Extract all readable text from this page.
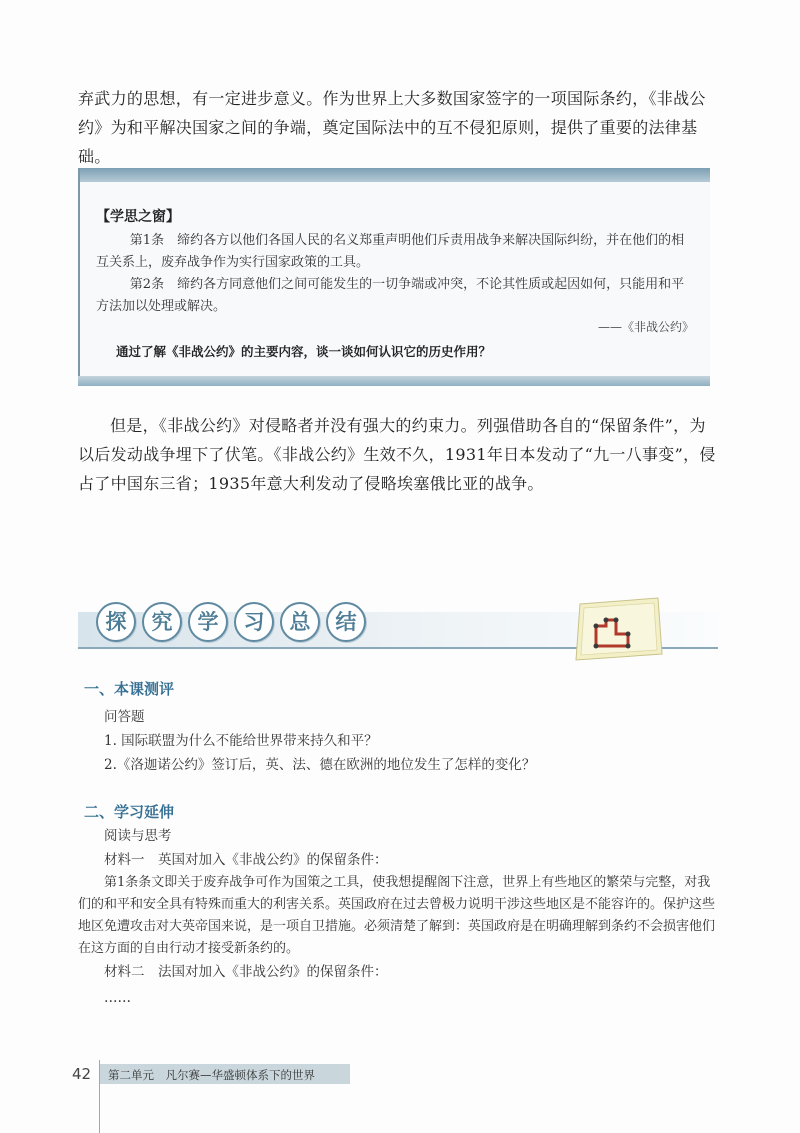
弃武力的思想，有一定进步意义。作为世界上大多数国家签字的一项国际条约，《非战公约》为和平解决国家之间的争端，奠定国际法中的互不侵犯原则，提供了重要的法律基础。
【学思之窗】
第1条　缔约各方以他们各国人民的名义郑重声明他们斥责用战争来解决国际纠纷，并在他们的相互关系上，废弃战争作为实行国家政策的工具。
第2条　缔约各方同意他们之间可能发生的一切争端或冲突，不论其性质或起因如何，只能用和平方法加以处理或解决。
——《非战公约》
通过了解《非战公约》的主要内容，谈一谈如何认识它的历史作用？
但是，《非战公约》对侵略者并没有强大的约束力。列强借助各自的“保留条件”，为以后发动战争埋下了伏笔。《非战公约》生效不久，1931年日本发动了“九一八事变”，侵占了中国东三省；1935年意大利发动了侵略埃塞俄比亚的战争。
探	究	学	习	总	结
一、本课测评
问答题
1. 国际联盟为什么不能给世界带来持久和平？
2.《洛迦诺公约》签订后，英、法、德在欧洲的地位发生了怎样的变化？
二、学习延伸
阅读与思考
材料一　英国对加入《非战公约》的保留条件：
第1条条文即关于废弃战争可作为国策之工具，使我想提醒阁下注意，世界上有些地区的繁荣与完整，对我们的和平和安全具有特殊而重大的利害关系。英国政府在过去曾极力说明干涉这些地区是不能容许的。保护这些地区免遭攻击对大英帝国来说，是一项自卫措施。必须清楚了解到：英国政府是在明确理解到条约不会损害他们在这方面的自由行动才接受新条约的。
材料二　法国对加入《非战公约》的保留条件：
……
42 第二单元　凡尔赛—华盛顿体系下的世界
